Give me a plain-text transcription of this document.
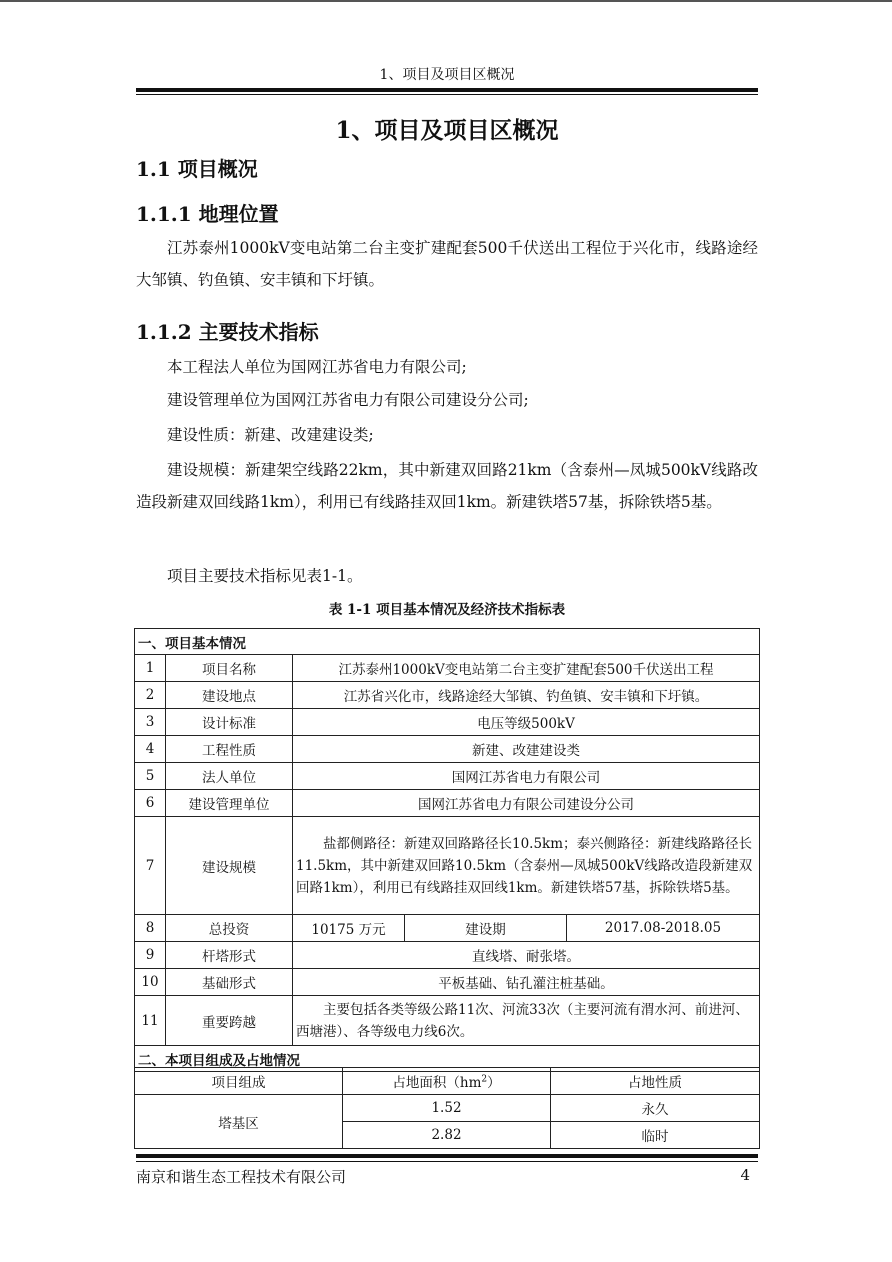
1、项目及项目区概况
1、项目及项目区概况
1.1 项目概况
1.1.1 地理位置

江苏泰州1000kV变电站第二台主变扩建配套500千伏送出工程位于兴化市，线路途经大邹镇、钓鱼镇、安丰镇和下圩镇。

1.1.2 主要技术指标

本工程法人单位为国网江苏省电力有限公司;

建设管理单位为国网江苏省电力有限公司建设分公司;

建设性质：新建、改建建设类;

建设规模：新建架空线路22km，其中新建双回路21km（含泰州—凤城500kV线路改造段新建双回线路1km），利用已有线路挂双回1km。新建铁塔57基，拆除铁塔5基。

项目主要技术指标见表1-1。

表 1-1 项目基本情况及经济技术指标表
一、项目基本情况				
1	项目名称	江苏泰州1000kV变电站第二台主变扩建配套500千伏送出工程		
2	建设地点	江苏省兴化市，线路途经大邹镇、钓鱼镇、安丰镇和下圩镇。		
3	设计标准	电压等级500kV		
4	工程性质	新建、改建建设类		
5	法人单位	国网江苏省电力有限公司		
6	建设管理单位	国网江苏省电力有限公司建设分公司		
7	建设规模	盐都侧路径：新建双回路路径长10.5km；泰兴侧路径：新建线路路径长11.5km，其中新建双回路10.5km（含泰州—凤城500kV线路改造段新建双回路1km），利用已有线路挂双回线1km。新建铁塔57基，拆除铁塔5基。		
8	总投资	10175 万元	建设期	2017.08-2018.05
9	杆塔形式	直线塔、耐张塔。		
10	基础形式	平板基础、钻孔灌注桩基础。		
11	重要跨越	主要包括各类等级公路11次、河流33次（主要河流有渭水河、前进河、西塘港）、各等级电力线6次。		
二、本项目组成及占地情况				
项目组成	占地面积$(hm^2)$	占地性质
塔基区	1.52	永久
	2.82	临时
南京和谐生态工程技术有限公司	4
